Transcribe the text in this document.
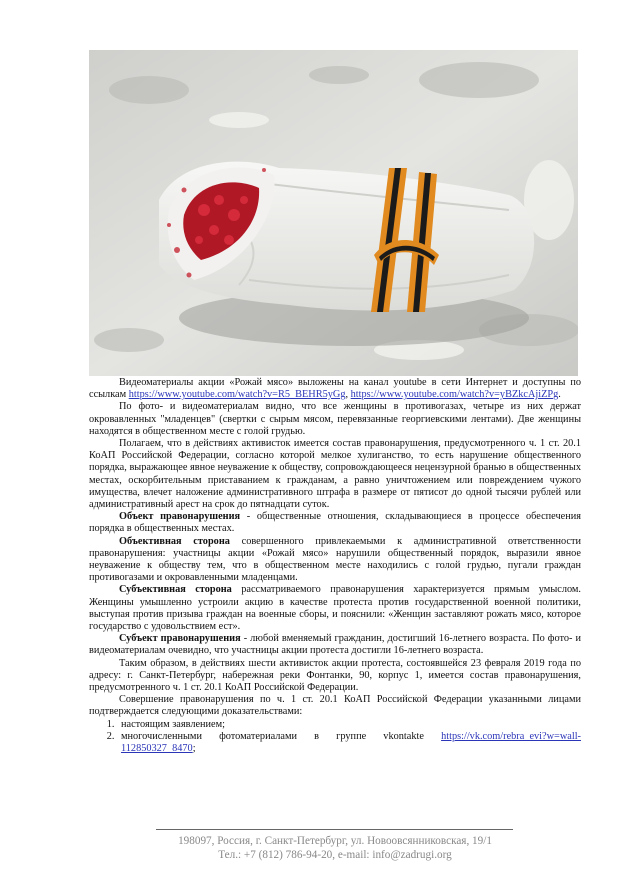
Видеоматериалы акции «Рожай мясо» выложены на канал youtube в сети Интернет и доступны по ссылкам https://www.youtube.com/watch?v=R5_BEHR5yGg, https://www.youtube.com/watch?v=yBZkcAjiZPg.

По фото- и видеоматериалам видно, что все женщины в противогазах, четыре из них держат окровавленных "младенцев" (свертки с сырым мясом, перевязанные георгиевскими лентами). Две женщины находятся в общественном месте с голой грудью.

Полагаем, что в действиях активисток имеется состав правонарушения, предусмотренного ч. 1 ст. 20.1 КоАП Российской Федерации, согласно которой мелкое хулиганство, то есть нарушение общественного порядка, выражающее явное неуважение к обществу, сопровождающееся нецензурной бранью в общественных местах, оскорбительным приставанием к гражданам, а равно уничтожением или повреждением чужого имущества, влечет наложение административного штрафа в размере от пятисот до одной тысячи рублей или административный арест на срок до пятнадцати суток.

Объект правонарушения - общественные отношения, складывающиеся в процессе обеспечения порядка в общественных местах.

Объективная сторона совершенного привлекаемыми к административной ответственности правонарушения: участницы акции «Рожай мясо» нарушили общественный порядок, выразили явное неуважение к обществу тем, что в общественном месте находились с голой грудью, пугали граждан противогазами и окровавленными младенцами.

Субъективная сторона рассматриваемого правонарушения характеризуется прямым умыслом. Женщины умышленно устроили акцию в качестве протеста против государственной военной политики, выступая против призыва граждан на военные сборы, и пояснили: «Женщин заставляют рожать мясо, которое государство с удовольствием ест».

Субъект правонарушения - любой вменяемый гражданин, достигший 16-летнего возраста. По фото- и видеоматериалам очевидно, что участницы акции протеста достигли 16-летнего возраста.

Таким образом, в действиях шести активисток акции протеста, состоявшейся 23 февраля 2019 года по адресу: г. Санкт-Петербург, набережная реки Фонтанки, 90, корпус 1, имеется состав правонарушения, предусмотренного ч. 1 ст. 20.1 КоАП Российской Федерации.

Совершение правонарушения по ч. 1 ст. 20.1 КоАП Российской Федерации указанными лицами подтверждается следующими доказательствами:

1. настоящим заявлением;
2. многочисленными фотоматериалами в группе vkontakte https://vk.com/rebra_evi?w=wall-112850327_8470;
198097, Россия, г. Санкт-Петербург, ул. Новоовсянниковская, 19/1
Тел.: +7 (812) 786-94-20, e-mail: info@zadrugi.org
